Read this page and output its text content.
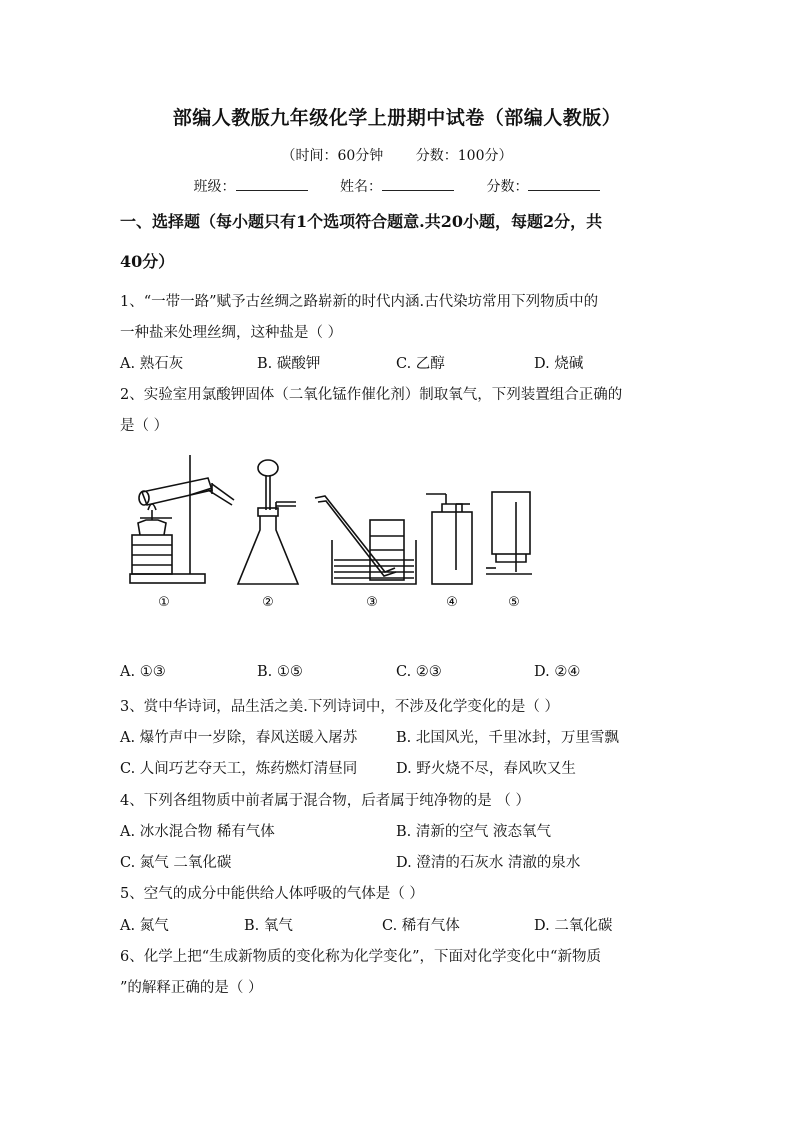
部编人教版九年级化学上册期中试卷（部编人教版）
（时间：60分钟 分数：100分）
班级：	姓名：	分数：
一、选择题（每小题只有1个选项符合题意.共20小题，每题2分，共
40分）
1、“一带一路”赋予古丝绸之路崭新的时代内涵.古代染坊常用下列物质中的
一种盐来处理丝绸，这种盐是（ ）
A. 熟石灰	B. 碳酸钾	C. 乙醇	D. 烧碱
2、实验室用氯酸钾固体（二氧化锰作催化剂）制取氧气，下列装置组合正确的
是（ ）
①	②	③	④	⑤
A. ①③	B. ①⑤	C. ②③	D. ②④
3、赏中华诗词，品生活之美.下列诗词中，不涉及化学变化的是（ ）
A. 爆竹声中一岁除，春风送暖入屠苏	B. 北国风光，千里冰封，万里雪飘
C. 人间巧艺夺天工，炼药燃灯清昼同	D. 野火烧不尽，春风吹又生
4、下列各组物质中前者属于混合物，后者属于纯净物的是 （ ）
A. 冰水混合物 稀有气体	B. 清新的空气 液态氧气
C. 氮气 二氧化碳	D. 澄清的石灰水 清澈的泉水
5、空气的成分中能供给人体呼吸的气体是（ ）
A. 氮气	B. 氧气	C. 稀有气体	D. 二氧化碳
6、化学上把“生成新物质的变化称为化学变化”，下面对化学变化中“新物质
”的解释正确的是（ ）
